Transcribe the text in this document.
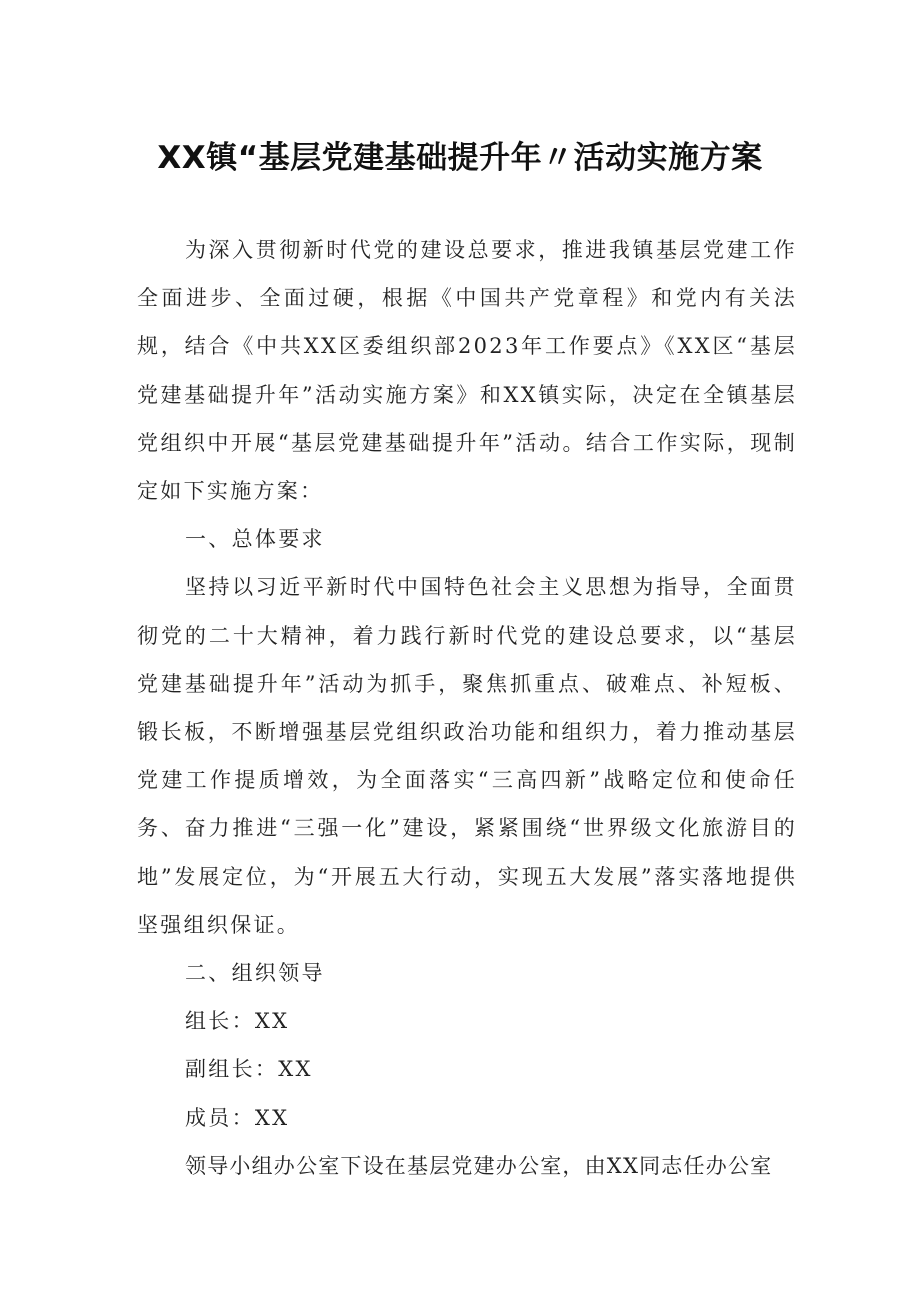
XX镇“基层党建基础提升年〃活动实施方案

为深入贯彻新时代党的建设总要求，推进我镇基层党建工作全面进步、全面过硬，根据《中国共产党章程》和党内有关法规，结合《中共XX区委组织部2023年工作要点》《XX区“基层党建基础提升年”活动实施方案》和XX镇实际，决定在全镇基层党组织中开展“基层党建基础提升年”活动。结合工作实际，现制定如下实施方案：

一、总体要求

坚持以习近平新时代中国特色社会主义思想为指导，全面贯彻党的二十大精神，着力践行新时代党的建设总要求，以“基层党建基础提升年”活动为抓手，聚焦抓重点、破难点、补短板、锻长板，不断增强基层党组织政治功能和组织力，着力推动基层党建工作提质增效，为全面落实“三高四新”战略定位和使命任务、奋力推进“三强一化”建设，紧紧围绕“世界级文化旅游目的地”发展定位，为“开展五大行动，实现五大发展”落实落地提供坚强组织保证。

二、组织领导

组长：XX

副组长：XX

成员：XX

领导小组办公室下设在基层党建办公室，由XX同志任办公室
